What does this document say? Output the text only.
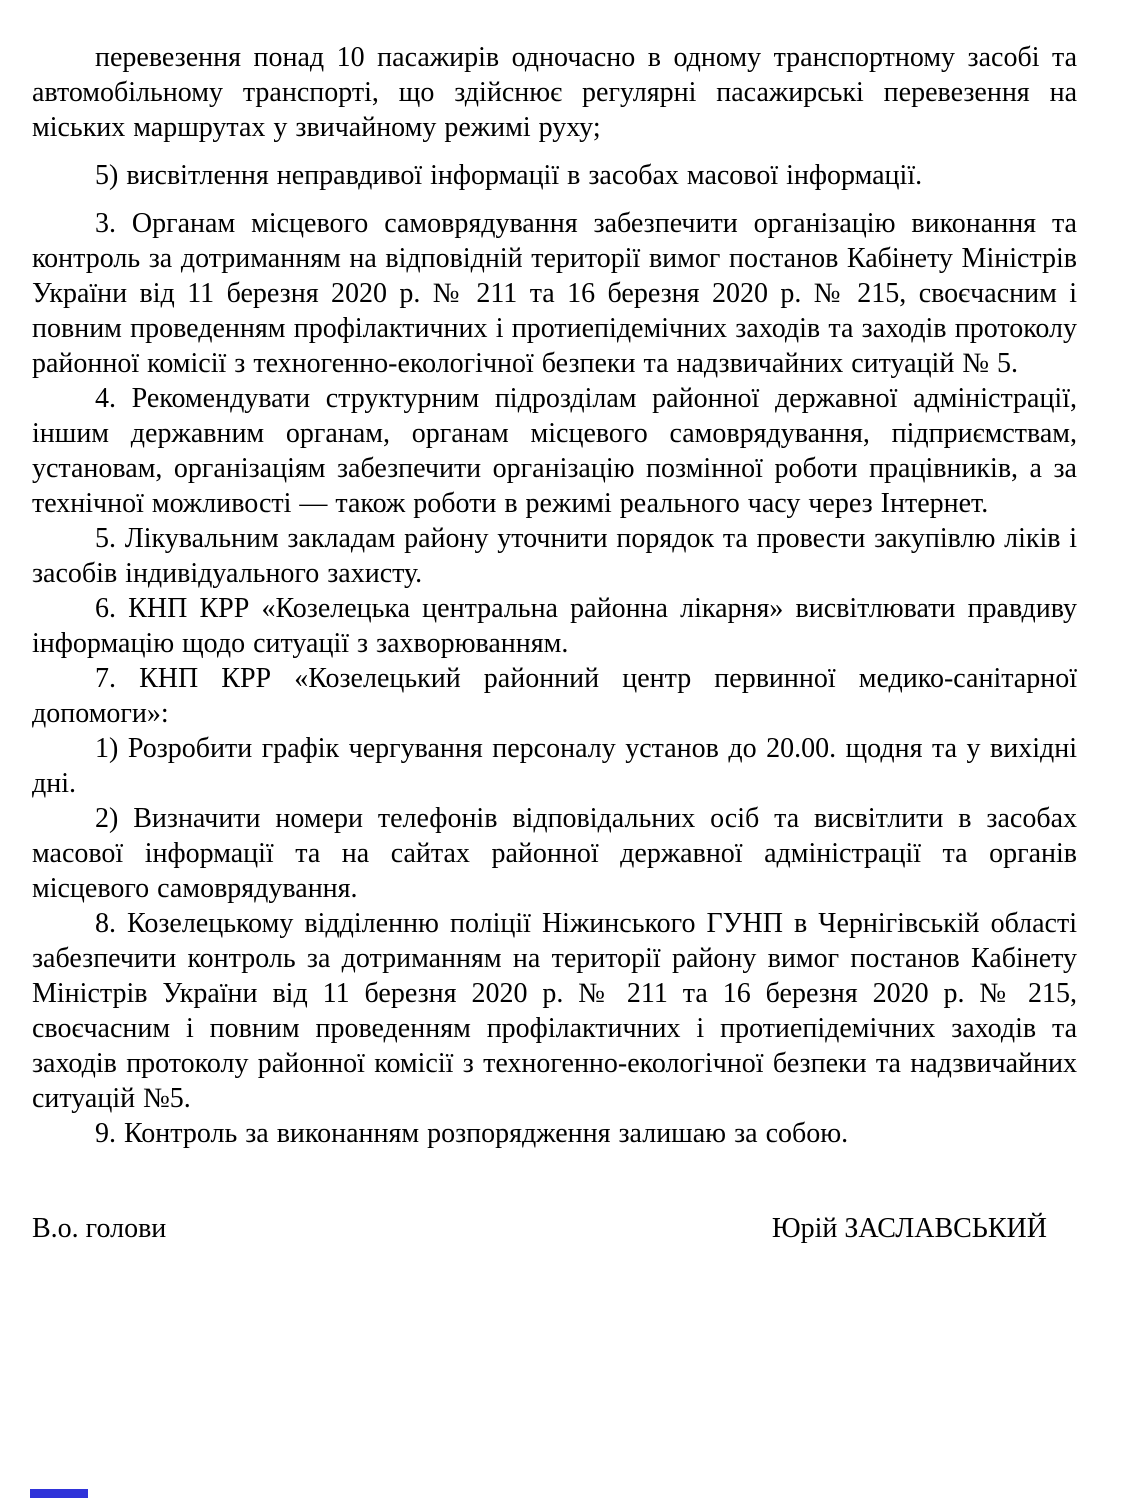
перевезення понад 10 пасажирів одночасно в одному транспортному засобі та автомобільному транспорті, що здійснює регулярні пасажирські перевезення на міських маршрутах у звичайному режимі руху;

5) висвітлення неправдивої інформації в засобах масової інформації.

3. Органам місцевого самоврядування забезпечити організацію виконання та контроль за дотриманням на відповідній території вимог постанов Кабінету Міністрів України від 11 березня 2020 р. № 211 та 16 березня 2020 р. № 215, своєчасним і повним проведенням профілактичних і протиепідемічних заходів та заходів протоколу районної комісії з техногенно-екологічної безпеки та надзвичайних ситуацій № 5.

4. Рекомендувати структурним підрозділам районної державної адміністрації, іншим державним органам, органам місцевого самоврядування, підприємствам, установам, організаціям забезпечити організацію позмінної роботи працівників, а за технічної можливості — також роботи в режимі реального часу через Інтернет.

5. Лікувальним закладам району уточнити порядок та провести закупівлю ліків і засобів індивідуального захисту.

6. КНП КРР «Козелецька центральна районна лікарня» висвітлювати правдиву інформацію щодо ситуації з захворюванням.

7. КНП КРР «Козелецький районний центр первинної медико-санітарної допомоги»:

1) Розробити графік чергування персоналу установ до 20.00. щодня та у вихідні дні.

2) Визначити номери телефонів відповідальних осіб та висвітлити в засобах масової інформації та на сайтах районної державної адміністрації та органів місцевого самоврядування.

8. Козелецькому відділенню поліції Ніжинського ГУНП в Чернігівській області забезпечити контроль за дотриманням на території району вимог постанов Кабінету Міністрів України від 11 березня 2020 р. № 211 та 16 березня 2020 р. № 215, своєчасним і повним проведенням профілактичних і протиепідемічних заходів та заходів протоколу районної комісії з техногенно-екологічної безпеки та надзвичайних ситуацій №5.

9. Контроль за виконанням розпорядження залишаю за собою.

В.о. голови	Юрій ЗАСЛАВСЬКИЙ
